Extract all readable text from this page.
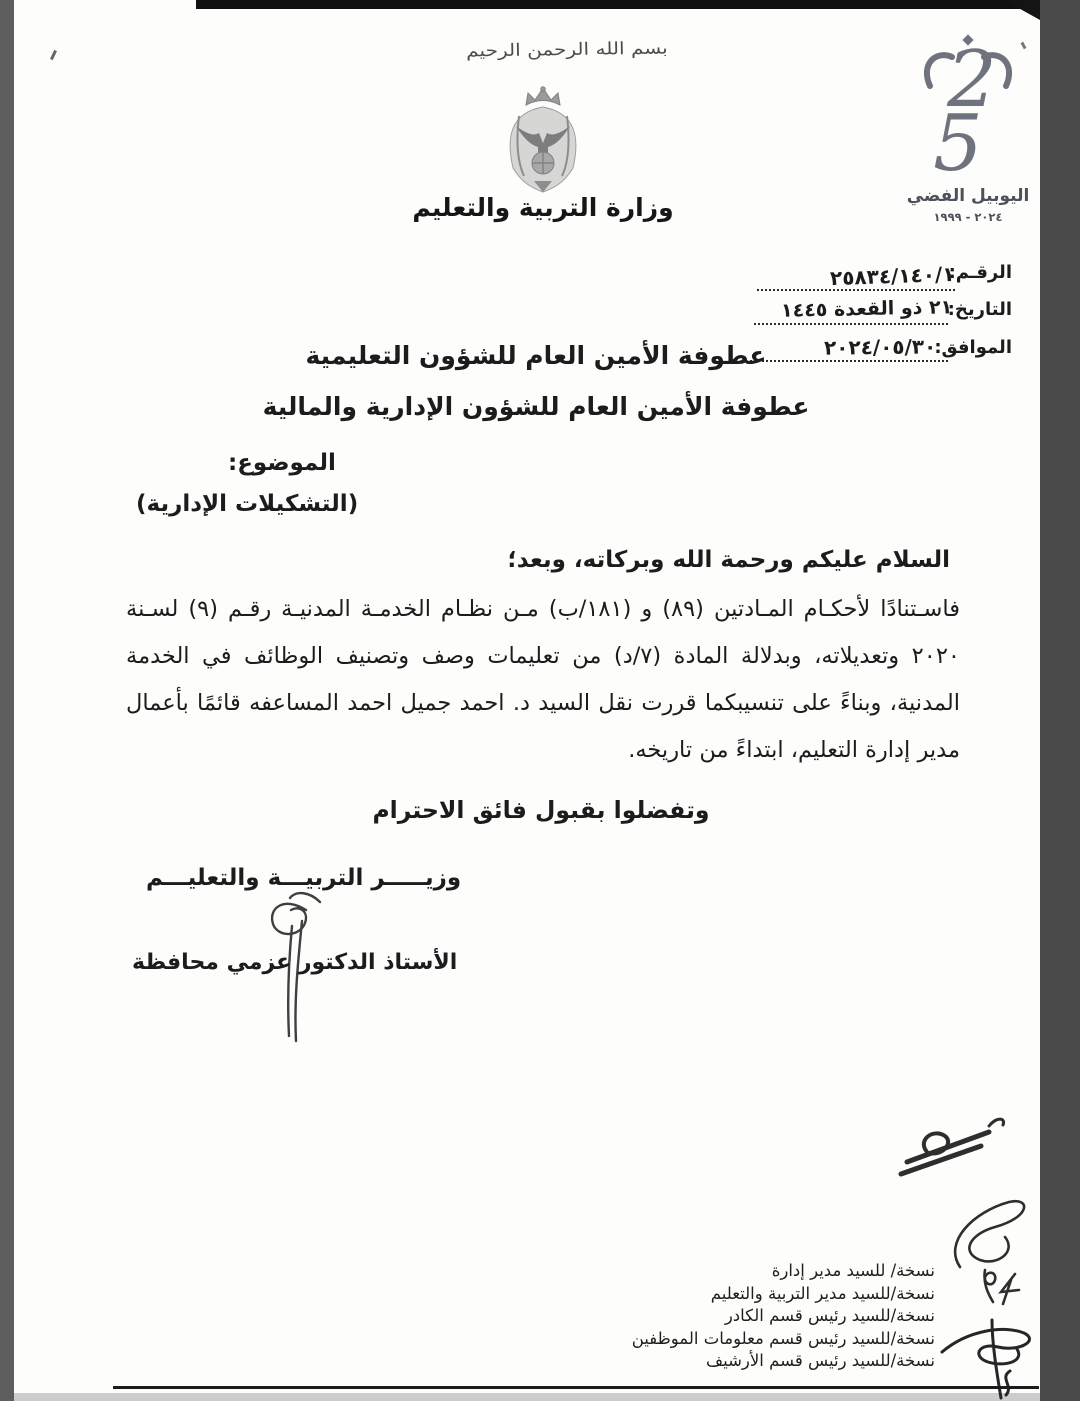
بسم الله الرحمن الرحيم
وزارة التربية والتعليم
2
5
اليوبيل الفضي
٢٠٢٤ - ١٩٩٩
الرقـم:
٢٥٨٣٤/١٤٠/١
التاريخ:
٢١ ذو القعدة ١٤٤٥
الموافق:
٢٠٢٤/٠٥/٣٠
عطوفة الأمين العام للشؤون التعليمية
عطوفة الأمين العام للشؤون الإدارية والمالية
الموضوع:
(التشكيلات الإدارية)
السلام عليكم ورحمة الله وبركاته، وبعد؛
فاسـتنادًا لأحكـام المـادتين (٨٩) و (⁦١٨١/ب⁩) مـن نظـام الخدمـة المدنيـة رقـم (٩) لسـنة
٢٠٢٠ وتعديلاته، وبدلالة المادة (⁦٧/د⁩) من تعليمات وصف وتصنيف الوظائف في الخدمة
المدنية، وبناءً على تنسيبكما قررت نقل السيد د. احمد جميل احمد المساعفه قائمًا بأعمال
مدير إدارة التعليم، ابتداءً من تاريخه.
وتفضلوا بقبول فائق الاحترام
وزيـــــر التربيـــة والتعليـــم
الأستاذ الدكتور عزمي محافظة
نسخة/ للسيد مدير إدارة
نسخة/للسيد مدير التربية والتعليم
نسخة/للسيد رئيس قسم الكادر
نسخة/للسيد رئيس قسم معلومات الموظفين
نسخة/للسيد رئيس قسم الأرشيف
